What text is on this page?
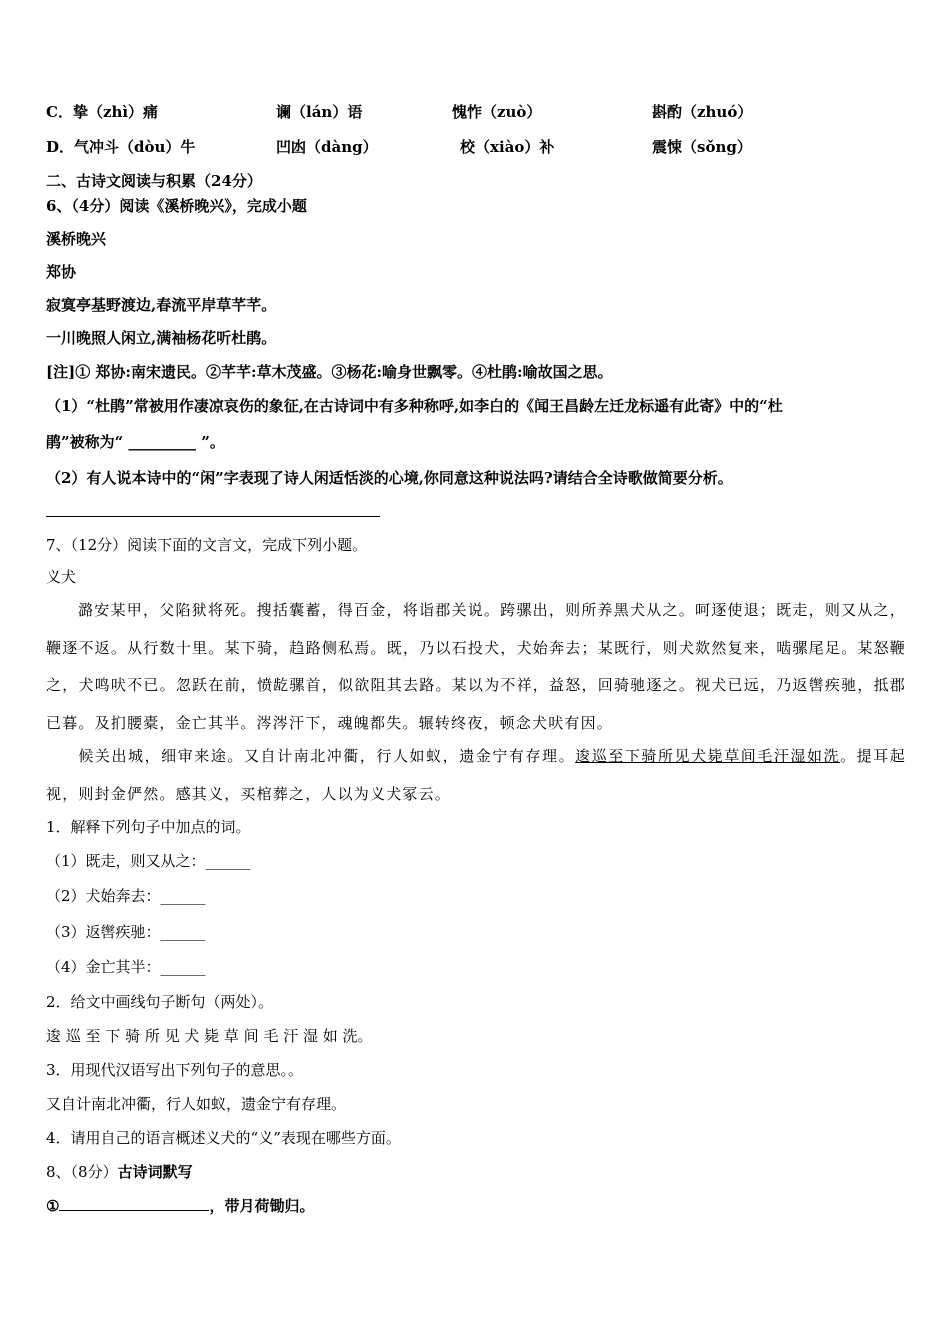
C．挚（zhì）痛	谰（lán）语	愧怍（zuò）	斟酌（zhuó）
D．气冲斗（dòu）牛	凹凼（dàng）	校（xiào）补	震悚（sǒng）
二、古诗文阅读与积累（24分）
6、（4分）阅读《溪桥晚兴》，完成小题
溪桥晚兴
郑协
寂寞亭基野渡边,春流平岸草芊芊。
一川晚照人闲立,满袖杨花听杜鹃。
[注]① 郑协:南宋遗民。②芊芊:草木茂盛。③杨花:喻身世飘零。④杜鹃:喻故国之思。
（1）“杜鹃”常被用作凄凉哀伤的象征,在古诗词中有多种称呼,如李白的《闻王昌龄左迁龙标遥有此寄》中的“杜
鹃”被称为“ _________ ”。
（2）有人说本诗中的“闲”字表现了诗人闲适恬淡的心境,你同意这种说法吗?请结合全诗歌做简要分析。
7、（12分）阅读下面的文言文，完成下列小题。
义犬
潞安某甲，父陷狱将死。搜括囊蓄，得百金，将诣郡关说。跨骡出，则所养黑犬从之。呵逐使退；既走，则又从之，鞭逐不返。从行数十里。某下骑，趋路侧私焉。既，乃以石投犬，犬始奔去；某既行，则犬欻然复来，啮骡尾足。某怒鞭之，犬鸣吠不已。忽跃在前，愤龁骡首，似欲阻其去路。某以为不祥，益怒，回骑驰逐之。视犬已远，乃返辔疾驰，抵郡已暮。及扪腰橐，金亡其半。涔涔汗下，魂魄都失。辗转终夜，顿念犬吠有因。
候关出城，细审来途。又自计南北冲衢，行人如蚁，遗金宁有存理。逡巡至下骑所见犬毙草间毛汗湿如洗。提耳起视，则封金俨然。感其义，买棺葬之，人以为义犬冢云。
1．解释下列句子中加点的词。
（1）既走，则又从之：______
（2）犬始奔去：______
（3）返辔疾驰：______
（4）金亡其半：______
2．给文中画线句子断句（两处）。
逡 巡 至 下 骑 所 见 犬 毙 草 间 毛 汗 湿 如 洗。
3．用现代汉语写出下列句子的意思。。
又自计南北冲衢，行人如蚁，遗金宁有存理。
4．请用自己的语言概述义犬的“义”表现在哪些方面。
8、（8分）古诗词默写
①	，带月荷锄归。
